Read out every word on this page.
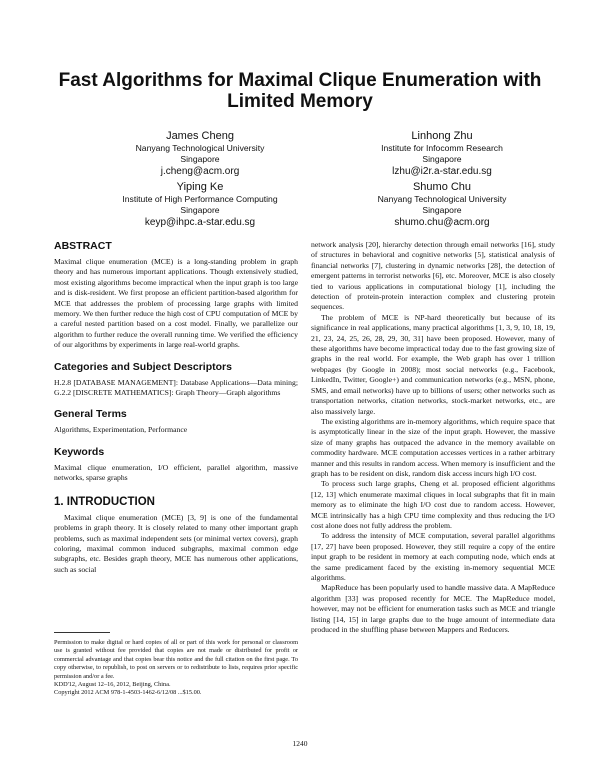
Fast Algorithms for Maximal Clique Enumeration with Limited Memory
James Cheng
Nanyang Technological University
Singapore
j.cheng@acm.org
Linhong Zhu
Institute for Infocomm Research
Singapore
lzhu@i2r.a-star.edu.sg
Yiping Ke
Institute of High Performance Computing
Singapore
keyp@ihpc.a-star.edu.sg
Shumo Chu
Nanyang Technological University
Singapore
shumo.chu@acm.org
ABSTRACT

Maximal clique enumeration (MCE) is a long-standing problem in graph theory and has numerous important applications. Though extensively studied, most existing algorithms become impractical when the input graph is too large and is disk-resident. We first propose an efficient partition-based algorithm for MCE that addresses the problem of processing large graphs with limited memory. We then further reduce the high cost of CPU computation of MCE by a careful nested partition based on a cost model. Finally, we parallelize our algorithm to further reduce the overall running time. We verified the efficiency of our algorithms by experiments in large real-world graphs.

Categories and Subject Descriptors

H.2.8 [DATABASE MANAGEMENT]: Database Applications—Data mining; G.2.2 [DISCRETE MATHEMATICS]: Graph Theory—Graph algorithms

General Terms

Algorithms, Experimentation, Performance

Keywords

Maximal clique enumeration, I/O efficient, parallel algorithm, massive networks, sparse graphs

1. INTRODUCTION

Maximal clique enumeration (MCE) [3, 9] is one of the fundamental problems in graph theory. It is closely related to many other important graph problems, such as maximal independent sets (or minimal vertex covers), graph coloring, maximal common induced subgraphs, maximal common edge subgraphs, etc. Besides graph theory, MCE has numerous other applications, such as social

Permission to make digital or hard copies of all or part of this work for personal or classroom use is granted without fee provided that copies are not made or distributed for profit or commercial advantage and that copies bear this notice and the full citation on the first page. To copy otherwise, to republish, to post on servers or to redistribute to lists, requires prior specific permission and/or a fee.

KDD'12, August 12–16, 2012, Beijing, China.

Copyright 2012 ACM 978-1-4503-1462-6/12/08 ...$15.00.

network analysis [20], hierarchy detection through email networks [16], study of structures in behavioral and cognitive networks [5], statistical analysis of financial networks [7], clustering in dynamic networks [28], the detection of emergent patterns in terrorist networks [6], etc. Moreover, MCE is also closely tied to various applications in computational biology [1], including the detection of protein-protein interaction complex and clustering protein sequences.

The problem of MCE is NP-hard theoretically but because of its significance in real applications, many practical algorithms [1, 3, 9, 10, 18, 19, 21, 23, 24, 25, 26, 28, 29, 30, 31] have been proposed. However, many of these algorithms have become impractical today due to the fast growing size of graphs in the real world. For example, the Web graph has over 1 trillion webpages (by Google in 2008); most social networks (e.g., Facebook, LinkedIn, Twitter, Google+) and communication networks (e.g., MSN, phone, SMS, and email networks) have up to billions of users; other networks such as transportation networks, citation networks, stock-market networks, etc., are also massively large.

The existing algorithms are in-memory algorithms, which require space that is asymptotically linear in the size of the input graph. However, the massive size of many graphs has outpaced the advance in the memory available on commodity hardware. MCE computation accesses vertices in a rather arbitrary manner and this results in random access. When memory is insufficient and the graph has to be resident on disk, random disk access incurs high I/O cost.

To process such large graphs, Cheng et al. proposed efficient algorithms [12, 13] which enumerate maximal cliques in local subgraphs that fit in main memory as to eliminate the high I/O cost due to random access. However, MCE intrinsically has a high CPU time complexity and thus reducing the I/O cost alone does not fully address the problem.

To address the intensity of MCE computation, several parallel algorithms [17, 27] have been proposed. However, they still require a copy of the entire input graph to be resident in memory at each computing node, which ends at the same predicament faced by the existing in-memory sequential MCE algorithms.

MapReduce has been popularly used to handle massive data. A MapReduce algorithm [33] was proposed recently for MCE. The MapReduce model, however, may not be efficient for enumeration tasks such as MCE and triangle listing [14, 15] in large graphs due to the huge amount of intermediate data produced in the shuffling phase between Mappers and Reducers.

1240
